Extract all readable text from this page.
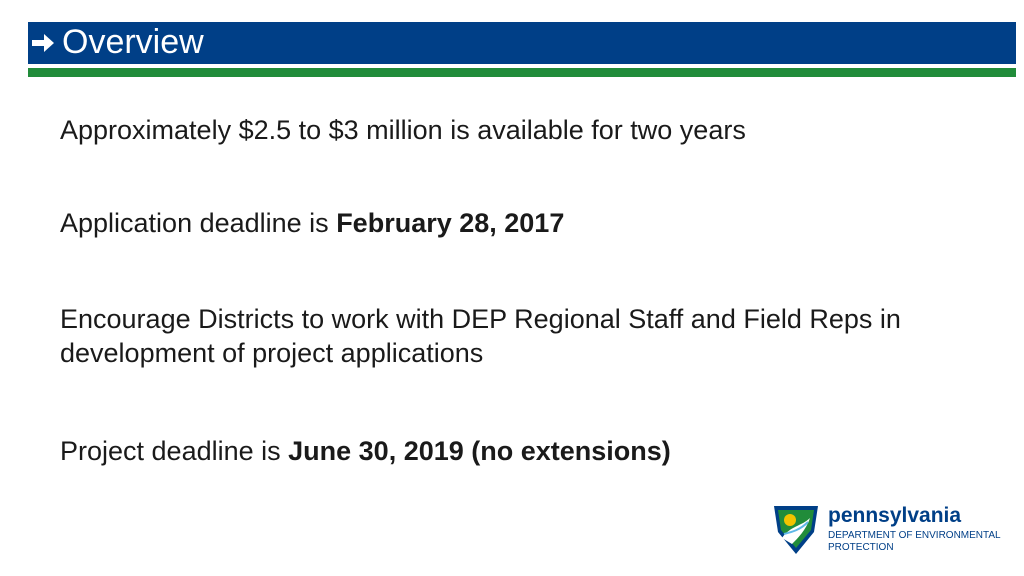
Overview
Approximately $2.5 to $3 million is available for two years
Application deadline is February 28, 2017
Encourage Districts to work with DEP Regional Staff and Field Reps in development of project applications
Project deadline is June 30, 2019 (no extensions)
pennsylvania
DEPARTMENT OF ENVIRONMENTAL PROTECTION
